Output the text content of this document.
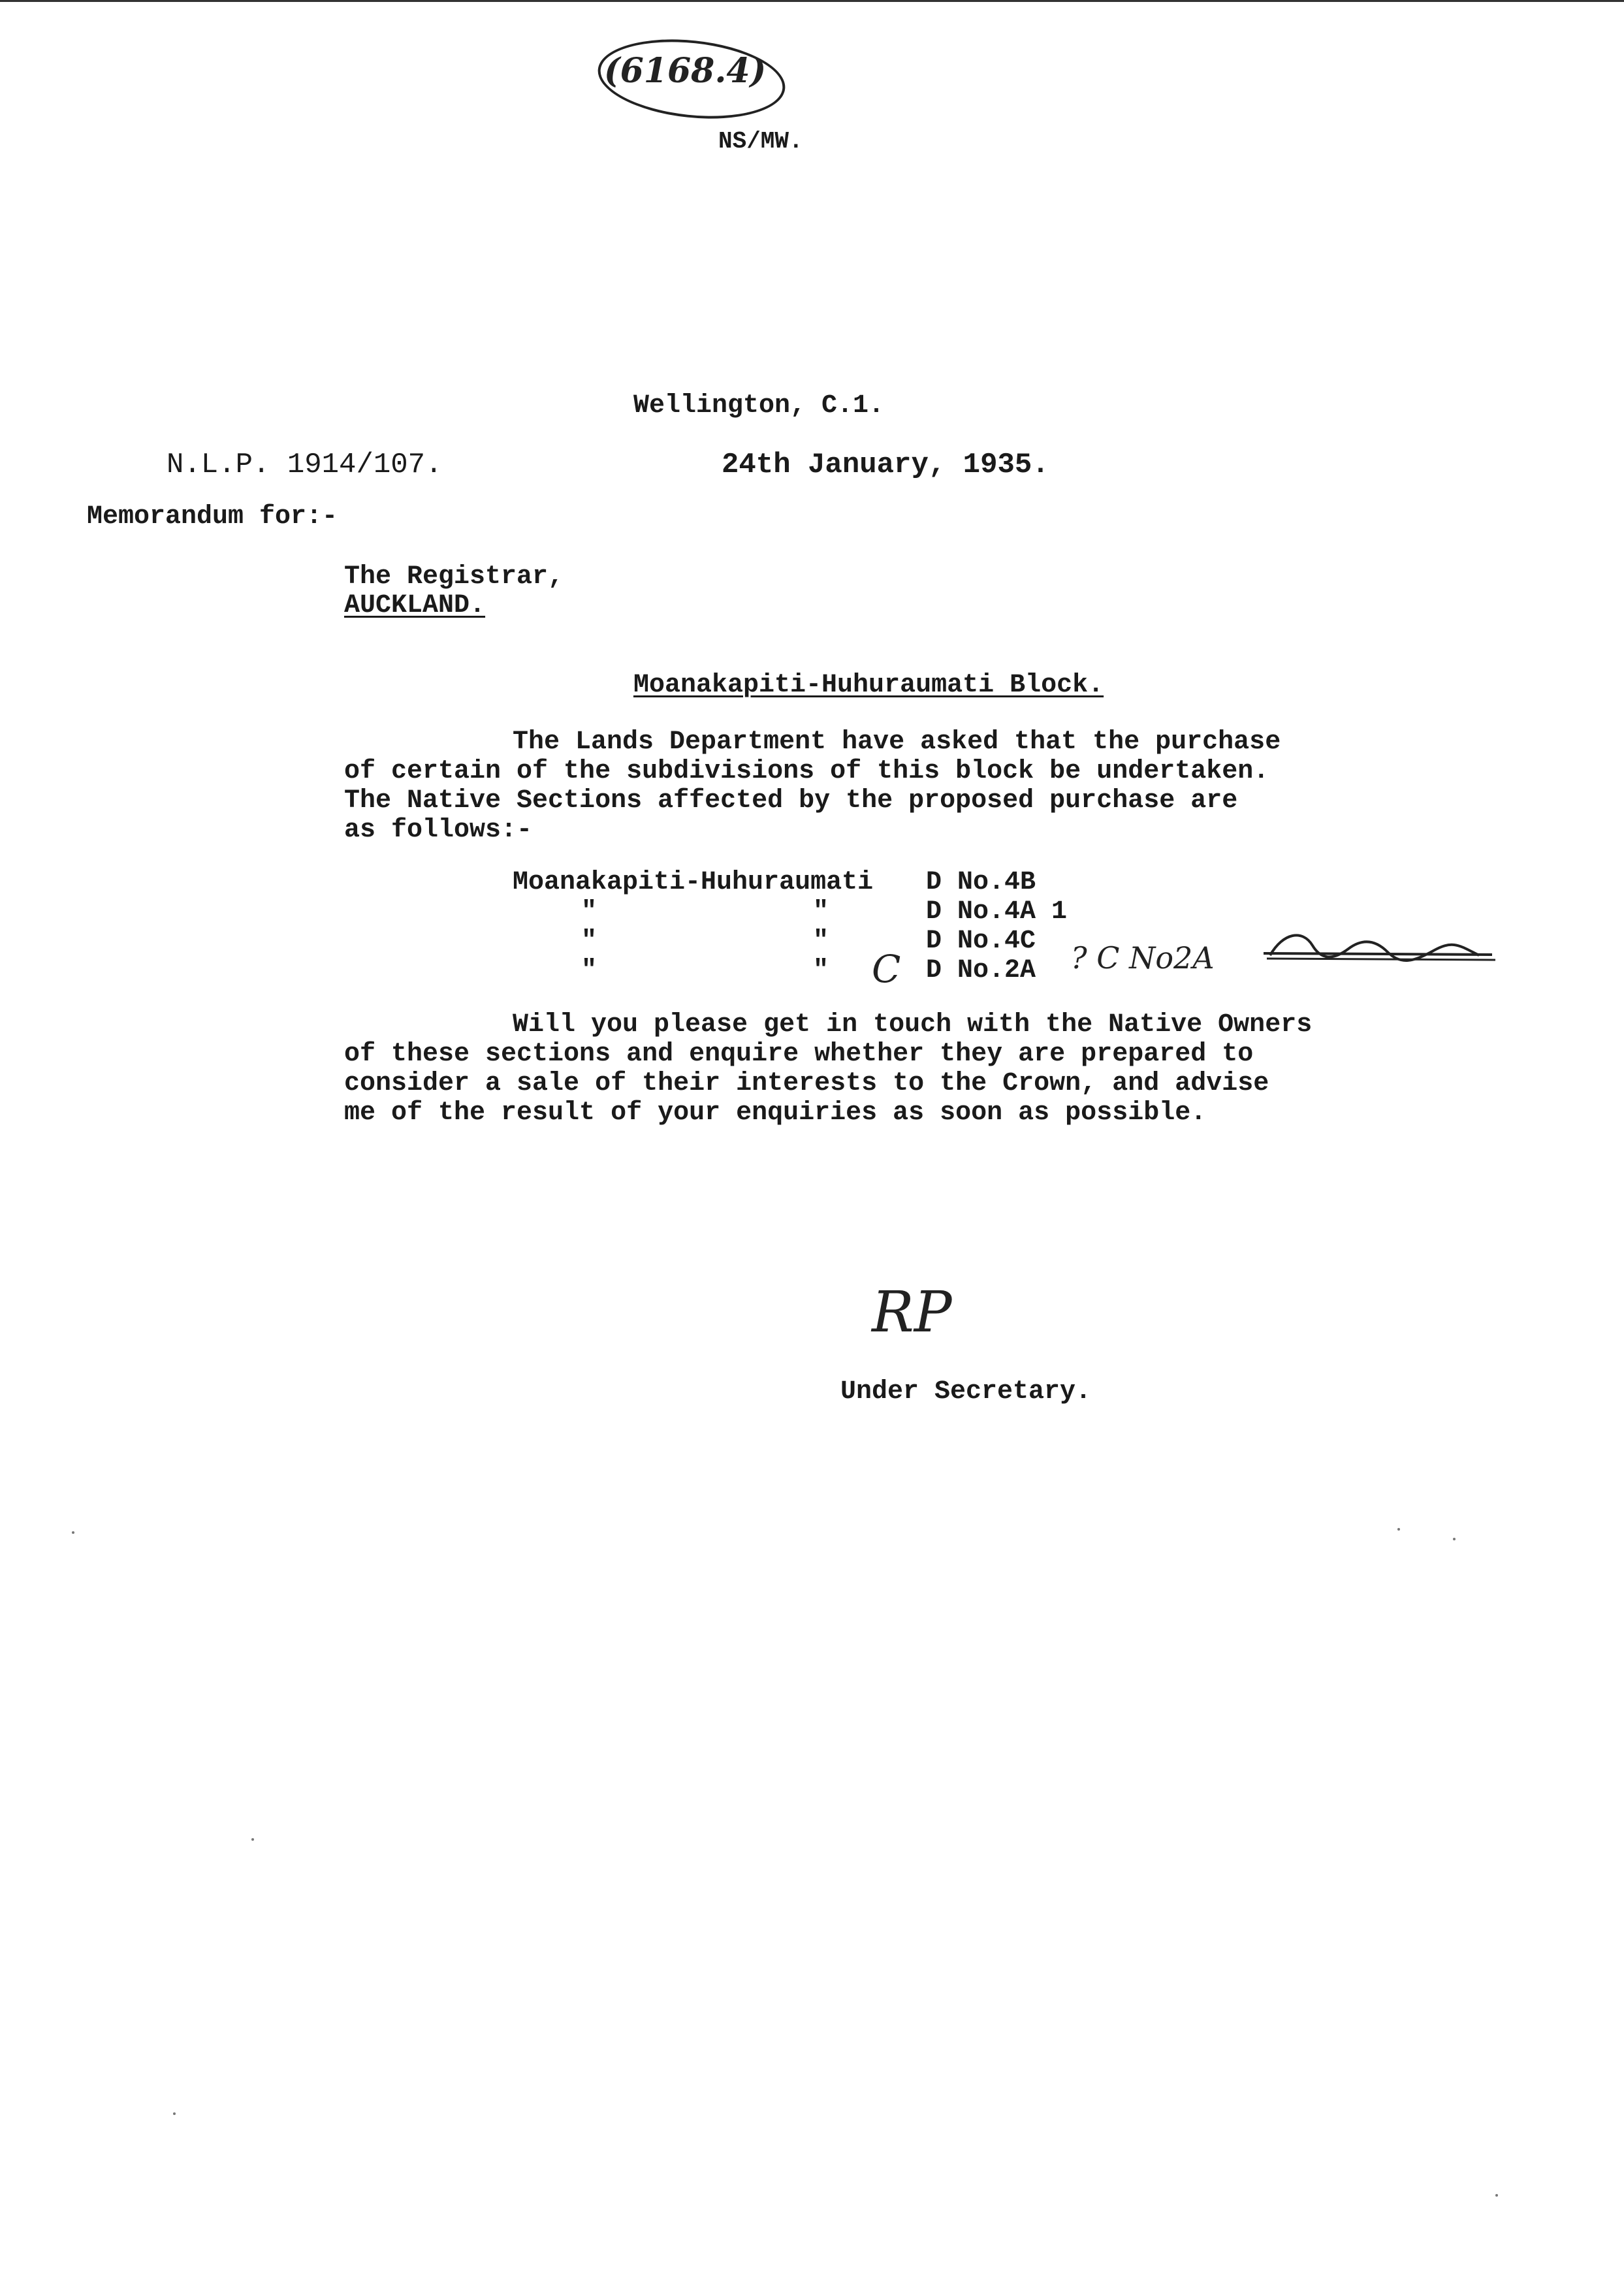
(6168.4)
NS/MW.
Wellington, C.1.
N.L.P. 1914/107.	24th January, 1935.
Memorandum for:-
The Registrar,
AUCKLAND.
Moanakapiti-Huhuraumati Block.
The Lands Department have asked that the purchase
of certain of the subdivisions of this block be undertaken.
The Native Sections affected by the proposed purchase are
as follows:-
Moanakapiti-Huhuraumati D No.4B
"	"	D No.4A 1
"	"	D No.4C
"	" C D No.2A ? C No2A
Will you please get in touch with the Native Owners
of these sections and enquire whether they are prepared to
consider a sale of their interests to the Crown, and advise
me of the result of your enquiries as soon as possible.
RP
Under Secretary.
